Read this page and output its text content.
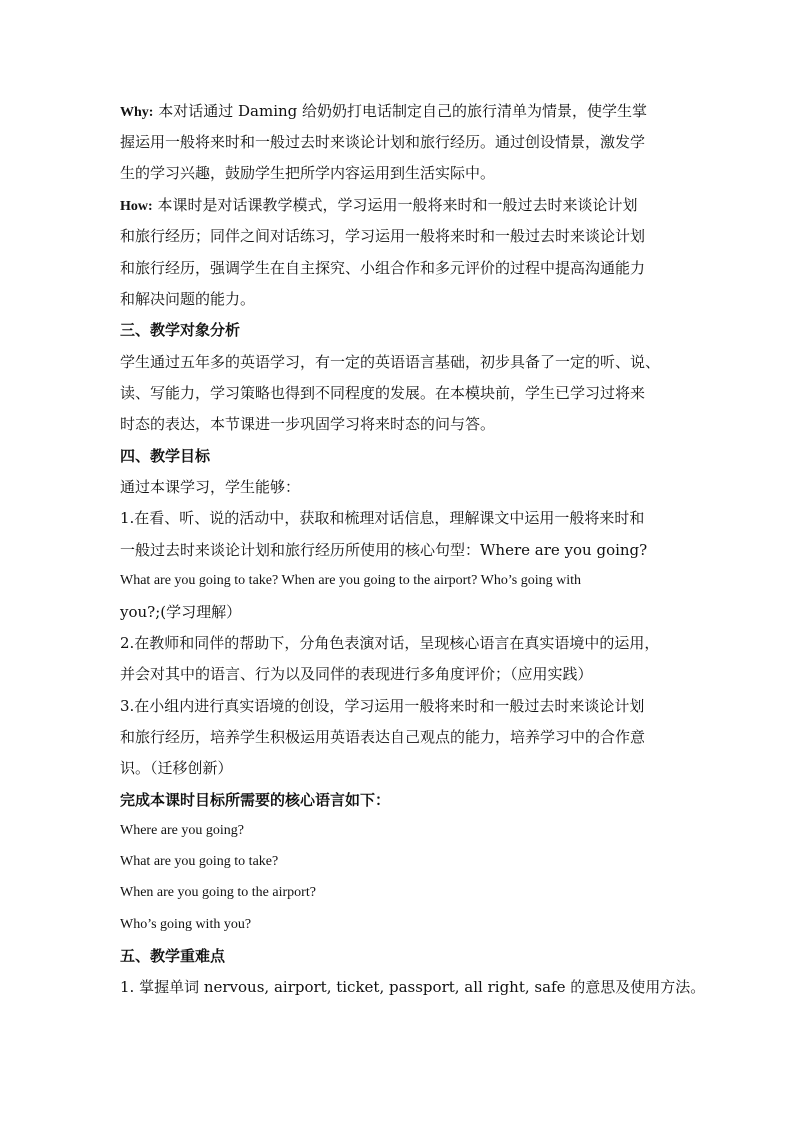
Why: 本对话通过 Daming 给奶奶打电话制定自己的旅行清单为情景，使学生掌
握运用一般将来时和一般过去时来谈论计划和旅行经历。通过创设情景，激发学
生的学习兴趣，鼓励学生把所学内容运用到生活实际中。
How: 本课时是对话课教学模式，学习运用一般将来时和一般过去时来谈论计划
和旅行经历；同伴之间对话练习，学习运用一般将来时和一般过去时来谈论计划
和旅行经历，强调学生在自主探究、小组合作和多元评价的过程中提高沟通能力
和解决问题的能力。
三、教学对象分析
学生通过五年多的英语学习，有一定的英语语言基础，初步具备了一定的听、说、
读、写能力，学习策略也得到不同程度的发展。在本模块前，学生已学习过将来
时态的表达，本节课进一步巩固学习将来时态的问与答。
四、教学目标
通过本课学习，学生能够：
1.在看、听、说的活动中，获取和梳理对话信息，理解课文中运用一般将来时和
一般过去时来谈论计划和旅行经历所使用的核心句型：Where are you going?
What are you going to take? When are you going to the airport? Who’s going with
you?;(学习理解）
2.在教师和同伴的帮助下，分角色表演对话，呈现核心语言在真实语境中的运用，
并会对其中的语言、行为以及同伴的表现进行多角度评价；（应用实践）
3.在小组内进行真实语境的创设，学习运用一般将来时和一般过去时来谈论计划
和旅行经历，培养学生积极运用英语表达自己观点的能力，培养学习中的合作意
识。（迁移创新）
完成本课时目标所需要的核心语言如下：
Where are you going?
What are you going to take?
When are you going to the airport?
Who’s going with you?
五、教学重难点
1. 掌握单词 nervous, airport, ticket, passport, all right, safe 的意思及使用方法。
